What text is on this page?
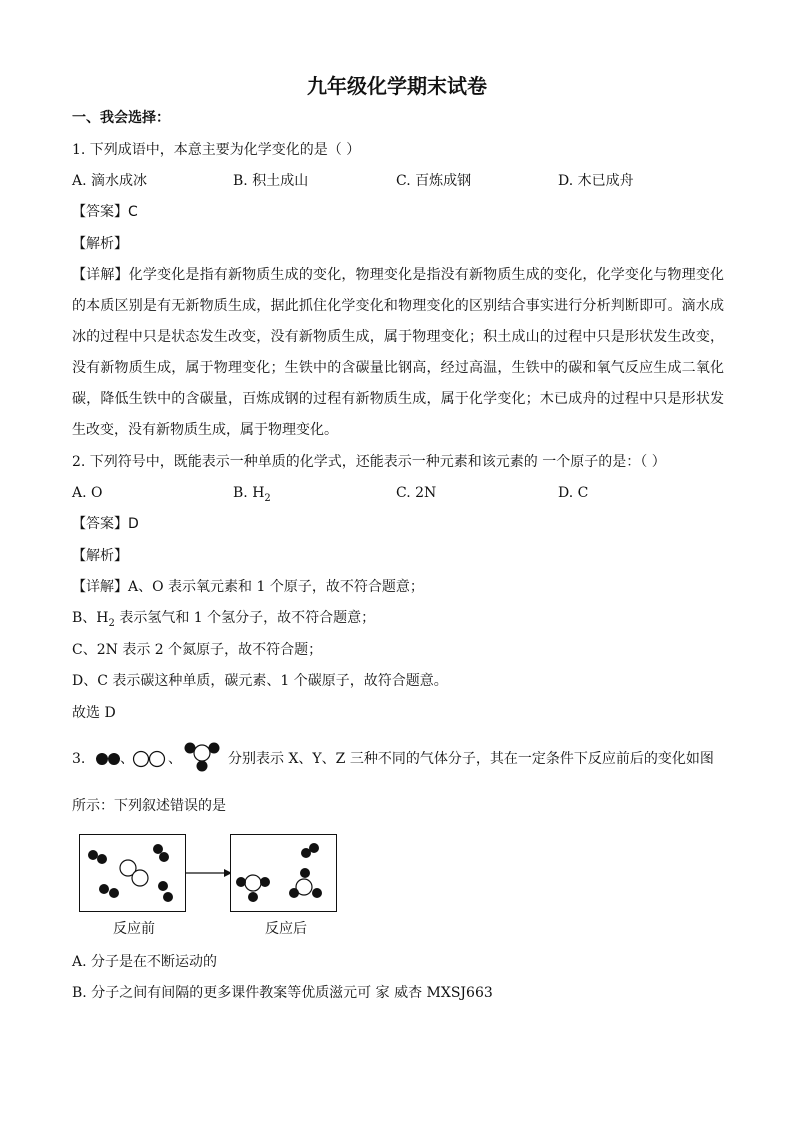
九年级化学期末试卷
一、我会选择：
1. 下列成语中，本意主要为化学变化的是（ ）
A. 滴水成冰	B. 积土成山	C. 百炼成钢	D. 木已成舟
【答案】C
【解析】
【详解】化学变化是指有新物质生成的变化，物理变化是指没有新物质生成的变化，化学变化与物理变化
的本质区别是有无新物质生成，据此抓住化学变化和物理变化的区别结合事实进行分析判断即可。滴水成
冰的过程中只是状态发生改变，没有新物质生成，属于物理变化；积土成山的过程中只是形状发生改变，
没有新物质生成，属于物理变化；生铁中的含碳量比钢高，经过高温，生铁中的碳和氧气反应生成二氧化
碳，降低生铁中的含碳量，百炼成钢的过程有新物质生成，属于化学变化；木已成舟的过程中只是形状发
生改变，没有新物质生成，属于物理变化。
2. 下列符号中，既能表示一种单质的化学式，还能表示一种元素和该元素的 一个原子的是：（ ）
A. O	B. $H_2$	C. 2N	D. C
【答案】D
【解析】
【详解】A、O 表示氧元素和 1 个原子，故不符合题意；
B、$H_2$ 表示氢气和 1 个氢分子，故不符合题意；
C、2N 表示 2 个氮原子，故不符合题；
D、C 表示碳这种单质，碳元素、1 个碳原子，故符合题意。
故选 D
3. 、 、	分别表示 X、Y、Z 三种不同的气体分子，其在一定条件下反应前后的变化如图
所示：下列叙述错误的是
反应前	反应后
A. 分子是在不断运动的
B. 分子之间有间隔的更多课件教案等优质滋元可 家 威杏 MXSJ663
